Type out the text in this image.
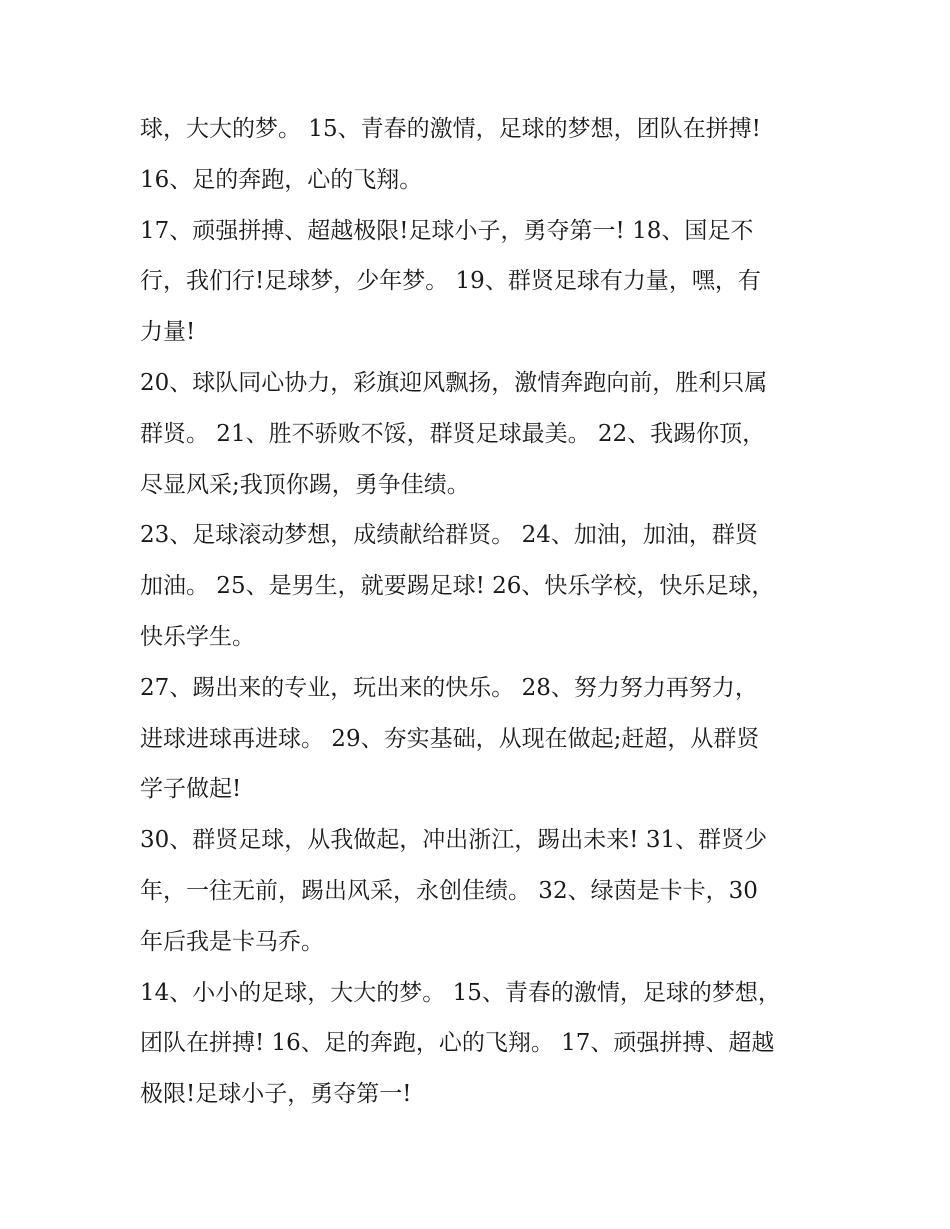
球，大大的梦。 15、青春的激情，足球的梦想，团队在拼搏!
16、足的奔跑，心的飞翔。
17、顽强拼搏、超越极限!足球小子，勇夺第一! 18、国足不
行，我们行!足球梦，少年梦。 19、群贤足球有力量，嘿，有
力量!
20、球队同心协力，彩旗迎风飘扬，激情奔跑向前，胜利只属
群贤。 21、胜不骄败不馁，群贤足球最美。 22、我踢你顶，
尽显风采;我顶你踢，勇争佳绩。
23、足球滚动梦想，成绩献给群贤。 24、加油，加油，群贤
加油。 25、是男生，就要踢足球! 26、快乐学校，快乐足球，
快乐学生。
27、踢出来的专业，玩出来的快乐。 28、努力努力再努力，
进球进球再进球。 29、夯实基础，从现在做起;赶超，从群贤
学子做起!
30、群贤足球，从我做起，冲出浙江，踢出未来! 31、群贤少
年，一往无前，踢出风采，永创佳绩。 32、绿茵是卡卡，30
年后我是卡马乔。
14、小小的足球，大大的梦。 15、青春的激情，足球的梦想，
团队在拼搏! 16、足的奔跑，心的飞翔。 17、顽强拼搏、超越
极限!足球小子，勇夺第一!
